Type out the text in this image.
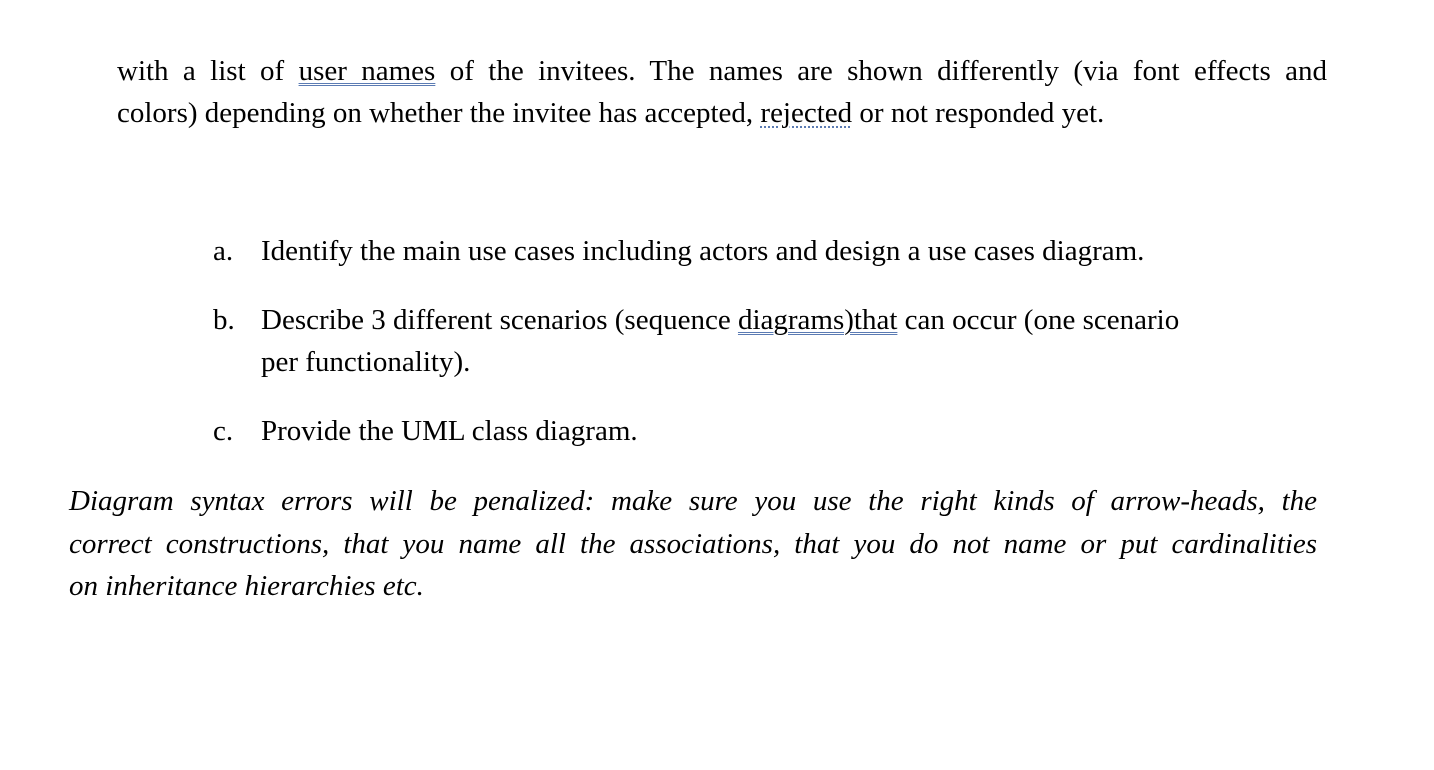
with a list of user names of the invitees. The names are shown differently (via font effects and
colors) depending on whether the invitee has accepted, rejected or not responded yet.
a. Identify the main use cases including actors and design a use cases diagram.
b. Describe 3 different scenarios (sequence diagrams)that can occur (one scenario
per functionality).
c. Provide the UML class diagram.
Diagram syntax errors will be penalized: make sure you use the right kinds of arrow-heads, the
correct constructions, that you name all the associations, that you do not name or put cardinalities
on inheritance hierarchies etc.
